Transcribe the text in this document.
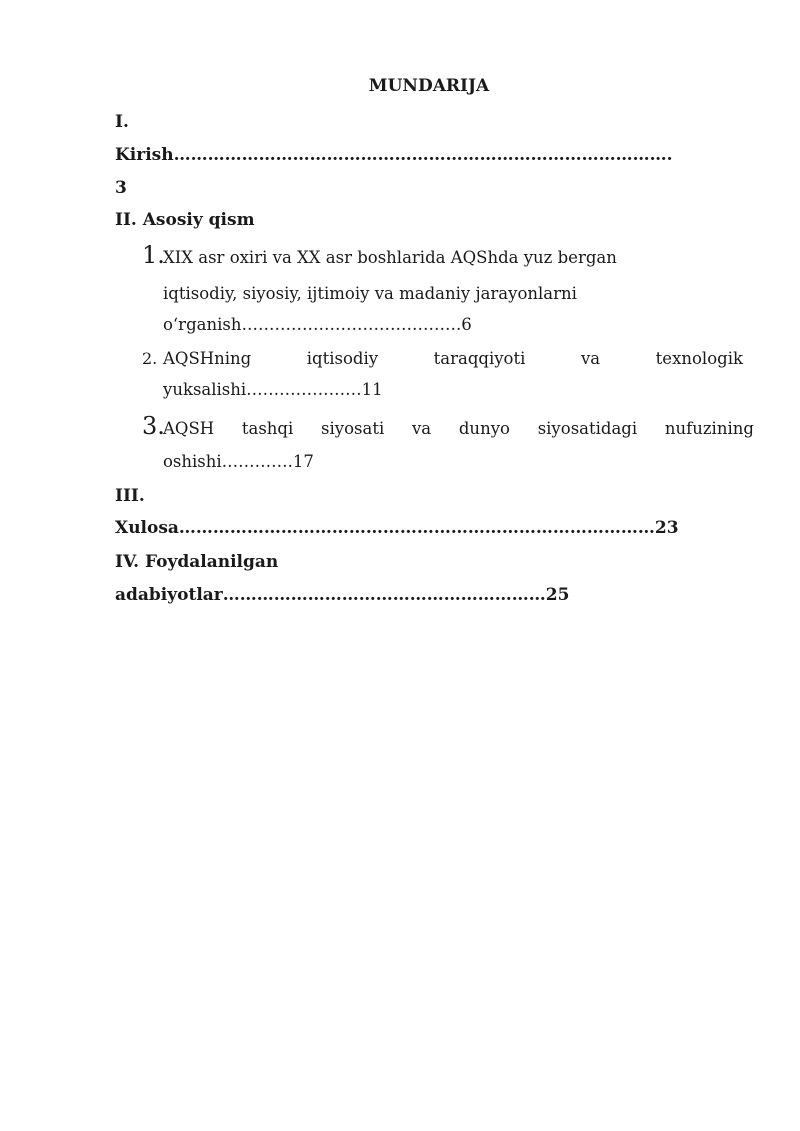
MUNDARIJA
I.
Kirish…………………………………………………………………………….
3
II. Asosiy qism
1.
XIX asr oxiri va XX asr boshlarida AQShda yuz bergan
iqtisodiy, siyosiy, ijtimoiy va madaniy jarayonlarni
o‘rganish………………………………….6
2. AQSHning	iqtisodiy	taraqqiyoti	va	texnologik
yuksalishi…………………11
3.
AQSH tashqi siyosati va dunyo siyosatidagi nufuzining
oshishi………….17
III.
Xulosa…………………………………………………………………………23
IV. Foydalanilgan
adabiyotlar…………………………………………………25
